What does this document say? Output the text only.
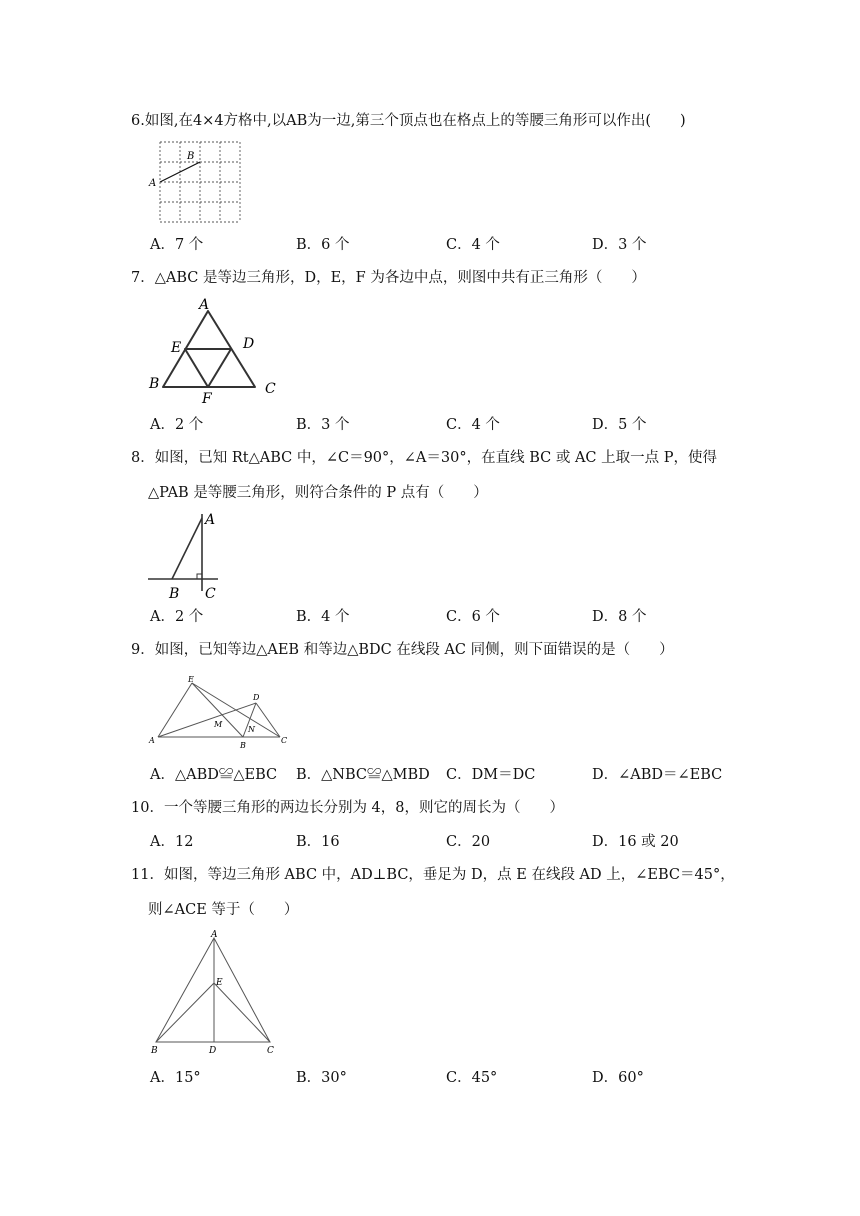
6.如图,在4×4方格中,以AB为一边,第三个顶点也在格点上的等腰三角形可以作出(　　)
A
B
A．7 个	B．6 个	C．4 个	D．3 个
7．△ABC 是等边三角形，D，E，F 为各边中点，则图中共有正三角形（　　）
A
E	D
B	C
F
A．2 个	B．3 个	C．4 个	D．5 个
8．如图，已知 Rt△ABC 中，∠C＝90°，∠A＝30°，在直线 BC 或 AC 上取一点 P，使得
△PAB 是等腰三角形，则符合条件的 P 点有（　　）
A
B C
A．2 个	B．4 个	C．6 个	D．8 个
9．如图，已知等边△AEB 和等边△BDC 在线段 AC 同侧，则下面错误的是（　　）
E
D
M
N
A
B
C
A．△ABD≌△EBC B．△NBC≌△MBD C．DM＝DC	D．∠ABD＝∠EBC
10．一个等腰三角形的两边长分别为 4，8，则它的周长为（　　）
A．12	B．16	C．20	D．16 或 20
11．如图，等边三角形 ABC 中，AD⊥BC，垂足为 D，点 E 在线段 AD 上，∠EBC＝45°，
则∠ACE 等于（　　）
A
E
B	D	C
A．15°	B．30°	C．45°	D．60°
